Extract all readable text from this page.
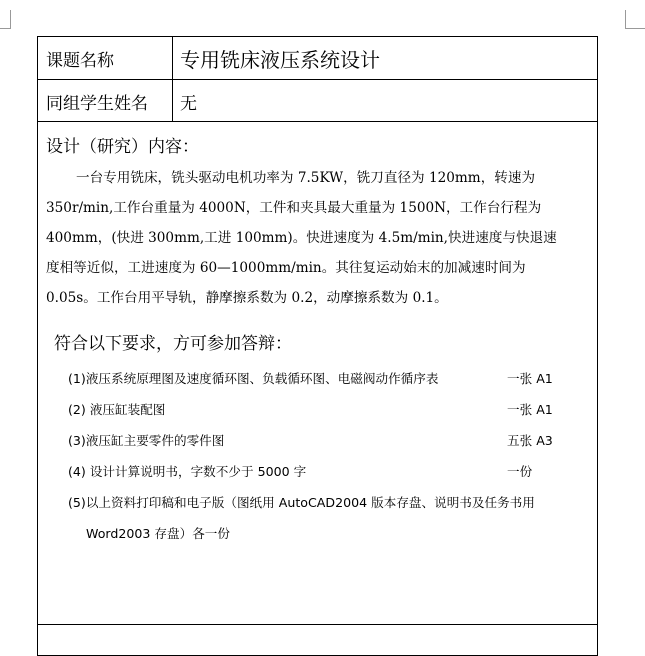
课题名称	专用铣床液压系统设计
同组学生姓名 无
设计（研究）内容：
一台专用铣床，铣头驱动电机功率为 7.5KW，铣刀直径为 120mm，转速为
350r/min,工作台重量为 4000N，工件和夹具最大重量为 1500N，工作台行程为
400mm，(快进 300mm,工进 100mm)。快进速度为 4.5m/min,快进速度与快退速
度相等近似，工进速度为 60—1000mm/min。其往复运动始末的加减速时间为
0.05s。工作台用平导轨，静摩擦系数为 0.2，动摩擦系数为 0.1。
符合以下要求，方可参加答辩：
(1)液压系统原理图及速度循环图、负载循环图、电磁阀动作循序表	一张 A1
(2) 液压缸装配图	一张 A1
(3)液压缸主要零件的零件图	五张 A3
(4) 设计计算说明书，字数不少于 5000 字	一份
(5)以上资料打印稿和电子版（图纸用 AutoCAD2004 版本存盘、说明书及任务书用
Word2003 存盘）各一份
